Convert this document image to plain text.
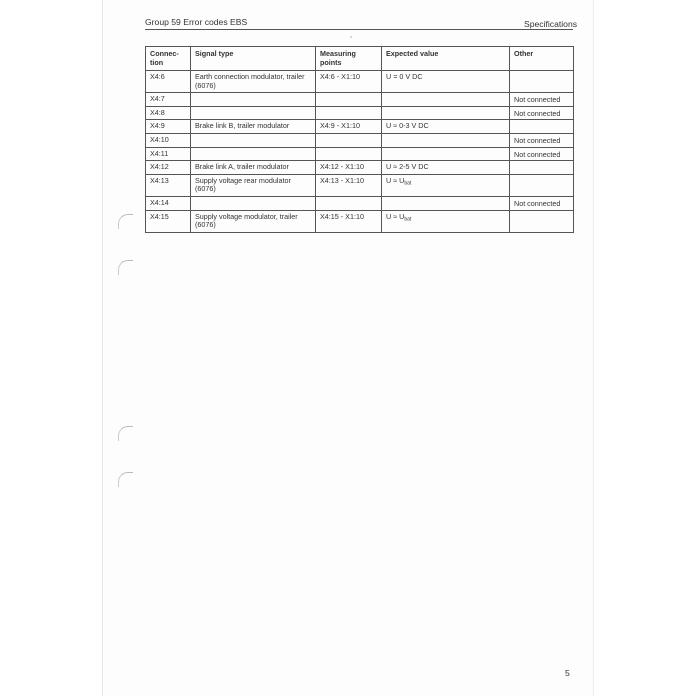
Group 59 Error codes EBS	Specifications
Connec- tion	Signal type	Measuring points	Expected value	Other
X4:6	Earth connection modulator, trailer (6076)	X4:6 - X1:10	U = 0 V DC	
X4:7				Not connected
X4:8				Not connected
X4:9	Brake link B, trailer modulator	X4:9 - X1:10	U ≈ 0-3 V DC	
X4:10				Not connected
X4:11				Not connected
X4:12	Brake link A, trailer modulator	X4:12 - X1:10	U ≈ 2-5 V DC	
X4:13	Supply voltage rear modulator (6076)	X4:13 - X1:10	$U \approx U_{bat}$	
X4:14				Not connected
X4:15	Supply voltage modulator, trailer (6076)	X4:15 - X1:10	$U \approx U_{bat}$	
5
